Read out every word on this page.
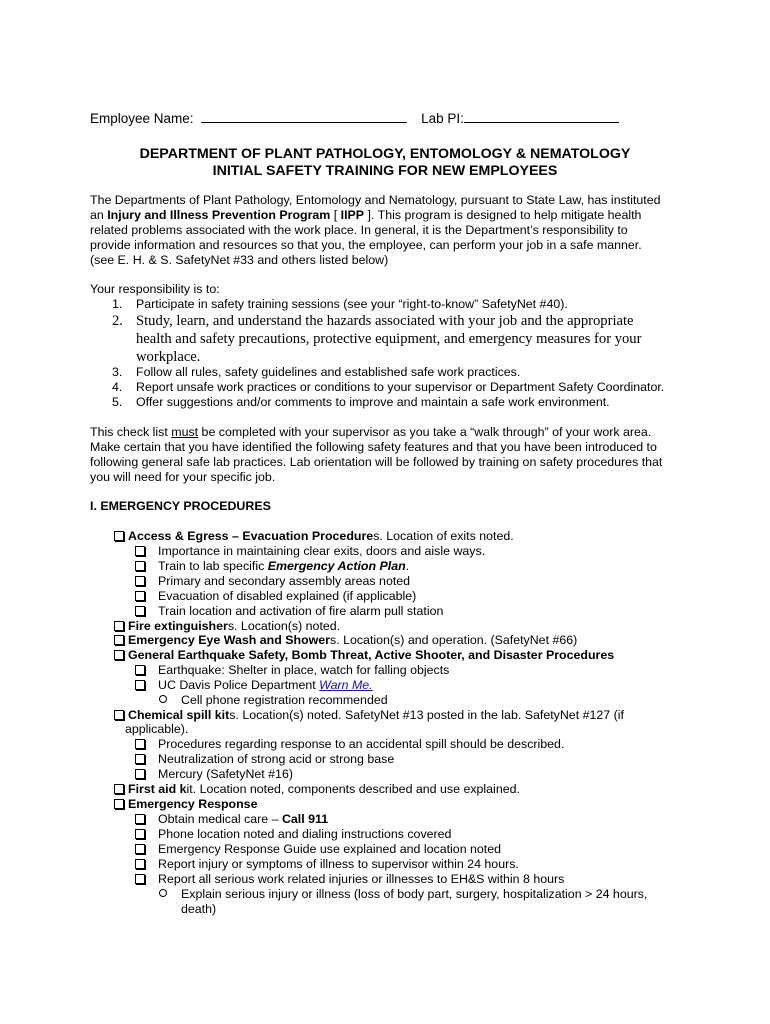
Employee Name:	Lab PI:
DEPARTMENT OF PLANT PATHOLOGY, ENTOMOLOGY & NEMATOLOGY
INITIAL SAFETY TRAINING FOR NEW EMPLOYEES
The Departments of Plant Pathology, Entomology and Nematology, pursuant to State Law, has instituted
an Injury and Illness Prevention Program [ IIPP ]. This program is designed to help mitigate health
related problems associated with the work place. In general, it is the Department’s responsibility to
provide information and resources so that you, the employee, can perform your job in a safe manner.
(see E. H. & S. SafetyNet #33 and others listed below)
Your responsibility is to:
1. Participate in safety training sessions (see your “right-to-know” SafetyNet #40).
2. Study, learn, and understand the hazards associated with your job and the appropriate
health and safety precautions, protective equipment, and emergency measures for your
workplace.
3. Follow all rules, safety guidelines and established safe work practices.
4. Report unsafe work practices or conditions to your supervisor or Department Safety Coordinator.
5. Offer suggestions and/or comments to improve and maintain a safe work environment.
This check list must be completed with your supervisor as you take a “walk through” of your work area.
Make certain that you have identified the following safety features and that you have been introduced to
following general safe lab practices. Lab orientation will be followed by training on safety procedures that
you will need for your specific job.
I. EMERGENCY PROCEDURES
Access & Egress – Evacuation Procedures. Location of exits noted.
Importance in maintaining clear exits, doors and aisle ways.
Train to lab specific Emergency Action Plan.
Primary and secondary assembly areas noted
Evacuation of disabled explained (if applicable)
Train location and activation of fire alarm pull station
Fire extinguishers. Location(s) noted.
Emergency Eye Wash and Showers. Location(s) and operation. (SafetyNet #66)
General Earthquake Safety, Bomb Threat, Active Shooter, and Disaster Procedures
Earthquake: Shelter in place, watch for falling objects
UC Davis Police Department Warn Me.
Cell phone registration recommended
Chemical spill kits. Location(s) noted. SafetyNet #13 posted in the lab. SafetyNet #127 (if
applicable).
Procedures regarding response to an accidental spill should be described.
Neutralization of strong acid or strong base
Mercury (SafetyNet #16)
First aid kit. Location noted, components described and use explained.
Emergency Response
Obtain medical care – Call 911
Phone location noted and dialing instructions covered
Emergency Response Guide use explained and location noted
Report injury or symptoms of illness to supervisor within 24 hours.
Report all serious work related injuries or illnesses to EH&S within 8 hours
Explain serious injury or illness (loss of body part, surgery, hospitalization > 24 hours,
death)
